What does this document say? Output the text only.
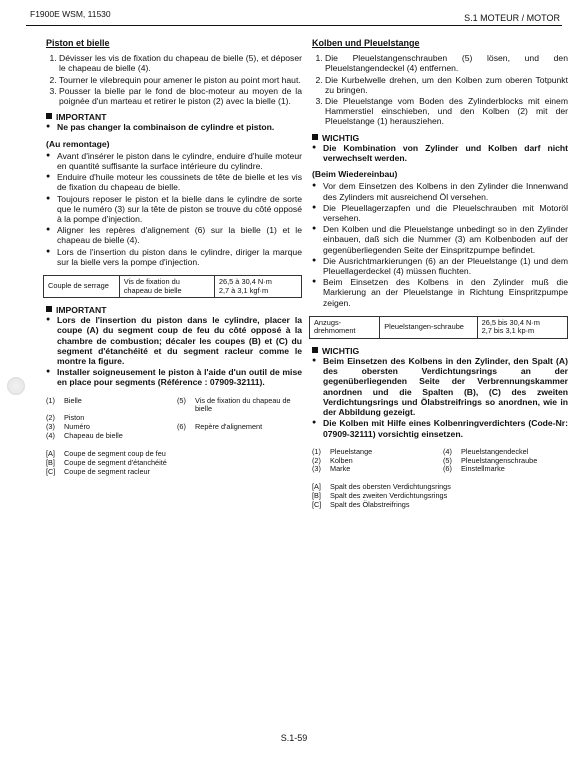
F1900E WSM, 11530	S.1 MOTEUR / MOTOR
Piston et bielle
1. Dévisser les vis de fixation du chapeau de bielle (5), et déposer le chapeau de bielle (4).
2. Tourner le vilebrequin pour amener le piston au point mort haut.
3. Pousser la bielle par le fond de bloc-moteur au moyen de la poignée d'un marteau et retirer le piston (2) avec la bielle (1).
IMPORTANT
● Ne pas changer la combinaison de cylindre et piston.
(Au remontage)
● Avant d'insérer le piston dans le cylindre, enduire d'huile moteur en quantité suffisante la surface intérieure du cylindre.
● Enduire d'huile moteur les coussinets de tête de bielle et les vis de fixation du chapeau de bielle.
● Toujours reposer le piston et la bielle dans le cylindre de sorte que le numéro (3) sur la tête de piston se trouve du côté opposé à la pompe d'injection.
● Aligner les repères d'alignement (6) sur la bielle (1) et le chapeau de bielle (4).
● Lors de l'insertion du piston dans le cylindre, diriger la marque sur la bielle vers la pompe d'injection.
Couple de serrage	Vis de fixation du chapeau de bielle	
26,5 à 30,4 N·m
2,7 à 3,1 kgf·m
IMPORTANT
● Lors de l'insertion du piston dans le cylindre, placer la coupe (A) du segment coup de feu du côté opposé à la chambre de combustion; décaler les coupes (B) et (C) du segment d'étanchéité et du segment racleur comme le montre la figure.
● Installer soigneusement le piston à l'aide d'un outil de mise en place pour segments (Référence : 07909-32111).
(1)	Bielle	(5)	Vis de fixation du chapeau de bielle
(2)	Piston
(3)	Numéro	(6)	Repère d'alignement
(4)	Chapeau de bielle
[A] Coupe de segment coup de feu
[B] Coupe de segment d'étanchéité
[C] Coupe de segment racleur
Kolben und Pleuelstange
1. Die Pleuelstangenschrauben (5) lösen, und den Pleuelstangendeckel (4) entfernen.
2. Die Kurbelwelle drehen, um den Kolben zum oberen Totpunkt zu bringen.
3. Die Pleuelstange vom Boden des Zylinderblocks mit einem Hammerstiel einschieben, und den Kolben (2) mit der Pleuelstange (1) herausziehen.
WICHTIG
● Die Kombination von Zylinder und Kolben darf nicht verwechselt werden.
(Beim Wiedereinbau)
● Vor dem Einsetzen des Kolbens in den Zylinder die Innenwand des Zylinders mit ausreichend Öl versehen.
● Die Pleuellagerzapfen und die Pleuelschrauben mit Motoröl versehen.
● Den Kolben und die Pleuelstange unbedingt so in den Zylinder einbauen, daß sich die Nummer (3) am Kolbenboden auf der gegenüberliegenden Seite der Einspritzpumpe befindet.
● Die Ausrichtmarkierungen (6) an der Pleuelstange (1) und dem Pleuellagerdeckel (4) müssen fluchten.
● Beim Einsetzen des Kolbens in den Zylinder muß die Markierung an der Pleuelstange in Richtung Einspritzpumpe zeigen.
Anzugs-drehmoment	Pleuelstangen-schraube	26,5 bis 30,4 N·m
2,7 bis 3,1 kp·m
WICHTIG
● Beim Einsetzen des Kolbens in den Zylinder, den Spalt (A) des obersten Verdichtungsrings an der gegenüberliegenden Seite der Verbrennungskammer anordnen und die Spalten (B), (C) des zweiten Verdichtungsrings und Ölabstreifrings so anordnen, wie in der Abbildung gezeigt.
● Die Kolben mit Hilfe eines Kolbenringverdichters (Code-Nr: 07909-32111) vorsichtig einsetzen.
(1)	Pleuelstange	(4)	Pleuelstangendeckel
(2)	Kolben	(5)	Pleuelstangenschraube
(3)	Marke	(6)	Einstellmarke
[A] Spalt des obersten Verdichtungsrings
[B] Spalt des zweiten Verdichtungsrings
[C] Spalt des Ölabstreifrings
S.1-59
